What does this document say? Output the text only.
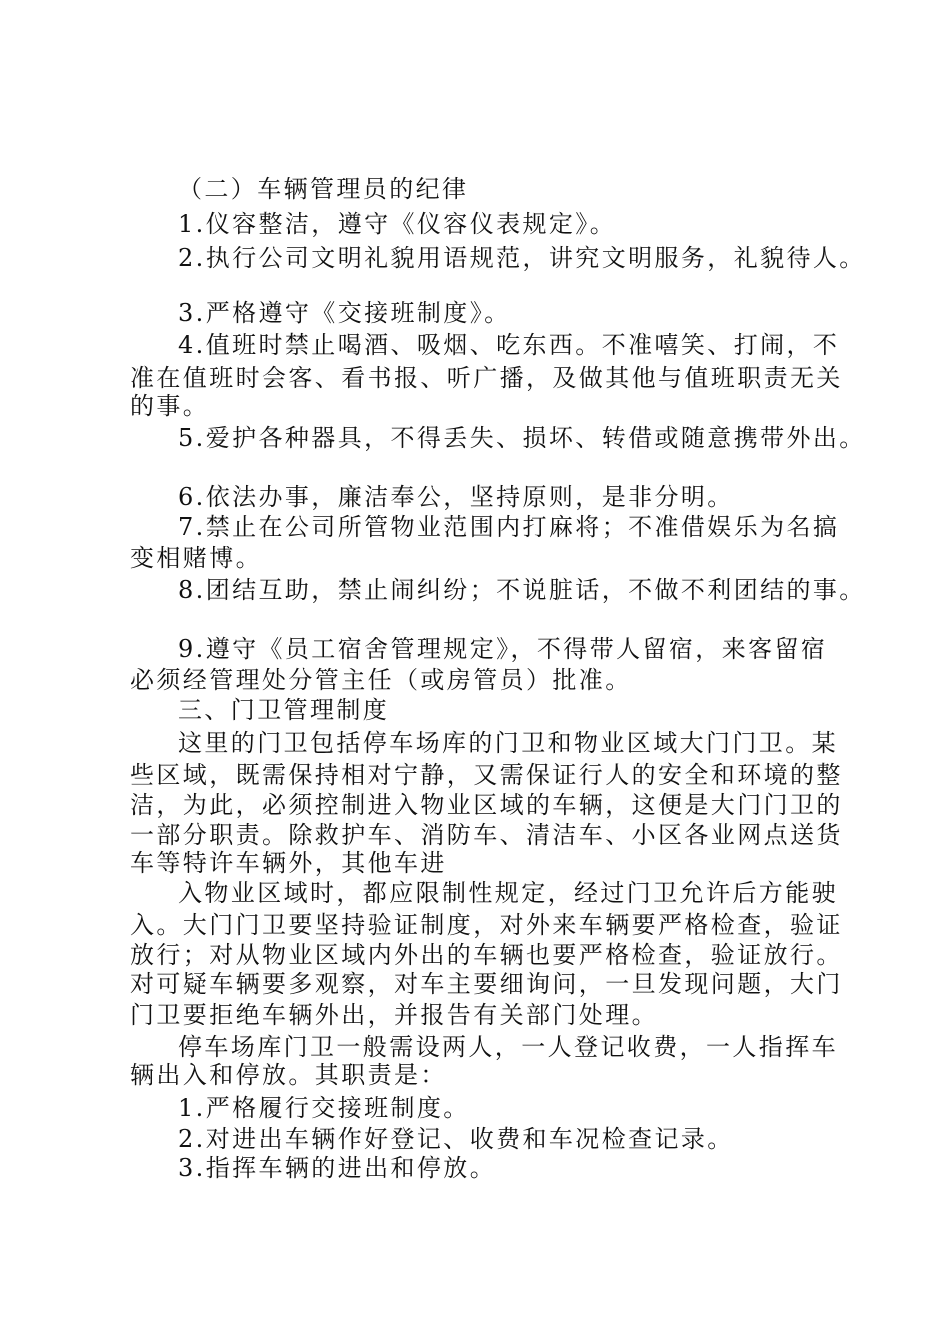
（二）车辆管理员的纪律
1.仪容整洁，遵守《仪容仪表规定》。
2.执行公司文明礼貌用语规范，讲究文明服务，礼貌待人。
3.严格遵守《交接班制度》。
4.值班时禁止喝酒、吸烟、吃东西。不准嘻笑、打闹，不
准在值班时会客、看书报、听广播，及做其他与值班职责无关
的事。
5.爱护各种器具，不得丢失、损坏、转借或随意携带外出。
6.依法办事，廉洁奉公，坚持原则，是非分明。
7.禁止在公司所管物业范围内打麻将；不准借娱乐为名搞
变相赌博。
8.团结互助，禁止闹纠纷；不说脏话，不做不利团结的事。
9.遵守《员工宿舍管理规定》，不得带人留宿，来客留宿
必须经管理处分管主任（或房管员）批准。
三、门卫管理制度
这里的门卫包括停车场库的门卫和物业区域大门门卫。某
些区域，既需保持相对宁静，又需保证行人的安全和环境的整
洁，为此，必须控制进入物业区域的车辆，这便是大门门卫的
一部分职责。除救护车、消防车、清洁车、小区各业网点送货
车等特许车辆外，其他车进
入物业区域时，都应限制性规定，经过门卫允许后方能驶
入。大门门卫要坚持验证制度，对外来车辆要严格检查，验证
放行；对从物业区域内外出的车辆也要严格检查，验证放行。
对可疑车辆要多观察，对车主要细询问，一旦发现问题，大门
门卫要拒绝车辆外出，并报告有关部门处理。
停车场库门卫一般需设两人，一人登记收费，一人指挥车
辆出入和停放。其职责是：
1.严格履行交接班制度。
2.对进出车辆作好登记、收费和车况检查记录。
3.指挥车辆的进出和停放。
